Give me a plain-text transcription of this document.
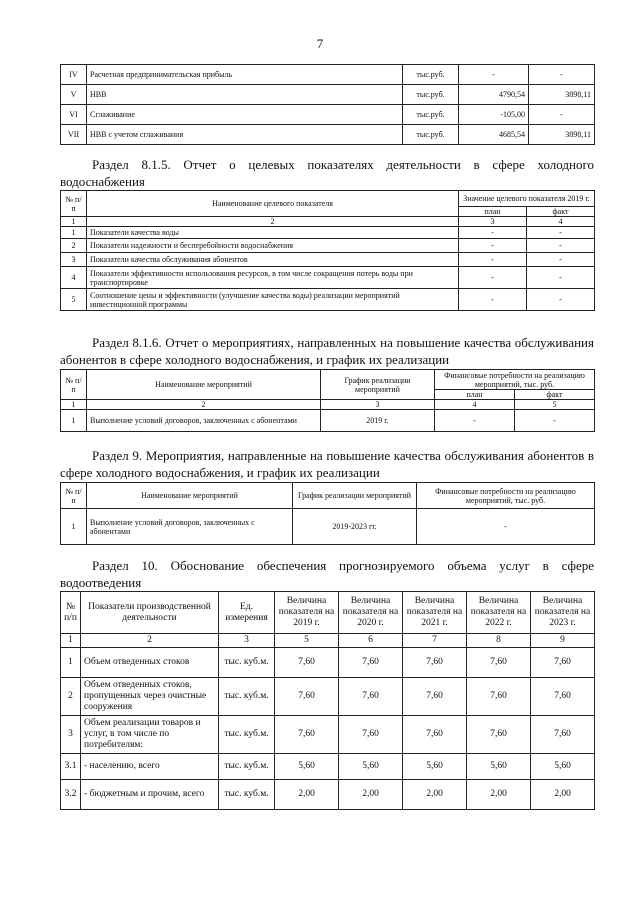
7
IV	Расчетная предпринимательская прибыль	тыс.руб.	-	-
V	НВВ	тыс.руб.	4790,54	3898,11
VI	Сглаживание	тыс.руб.	-105,00	-
VII	НВВ с учетом сглаживания	тыс.руб.	4685,54	3898,11
Раздел 8.1.5. Отчет о целевых показателях деятельности в сфере холодного водоснабжения
№ п/п	Наименование целевого показателя	Значение целевого показателя 2019 г.	
		план	факт
1	2	3	4
1	Показатели качества воды	-	-
2	Показатели надежности и бесперебойности водоснабжения	-	-
3	Показатели качества обслуживания абонентов	-	-
4	Показатели эффективности использования ресурсов, в том числе сокращения потерь воды при транспортировке	-	-
5	Соотношение цены и эффективности (улучшение качества воды) реализации мероприятий инвестиционной программы	-	-
Раздел 8.1.6. Отчет о мероприятиях, направленных на повышение качества обслуживания абонентов в сфере холодного водоснабжения, и график их реализации
№ п/п	Наименование мероприятий	График реализации мероприятий	Финансовые потребности на реализацию мероприятий, тыс. руб.	
			план	факт
1	2	3	4	5
1	Выполнение условий договоров, заключенных с абонентами	2019 г.	-	-
Раздел 9. Мероприятия, направленные на повышение качества обслуживания абонентов в сфере холодного водоснабжения, и график их реализации
№ п/п	Наименование мероприятий	График реализации мероприятий	Финансовые потребности на реализацию мероприятий, тыс. руб.
1	Выполнение условий договоров, заключенных с абонентами	2019-2023 гг.	-
Раздел 10. Обоснование обеспечения прогнозируемого объема услуг в сфере водоотведения
№ п/п	Показатели производственной деятельности	Ед. измерения	Величина показателя на 2019 г.	Величина показателя на 2020 г.	Величина показателя на 2021 г.	Величина показателя на 2022 г.	Величина показателя на 2023 г.
1	2	3	5	6	7	8	9
1	Объем отведенных стоков	тыс. куб.м.	7,60	7,60	7,60	7,60	7,60
2	Объем отведенных стоков, пропущенных через очистные сооружения	тыс. куб.м.	7,60	7,60	7,60	7,60	7,60
3	Объем реализации товаров и услуг, в том числе по потребителям:	тыс. куб.м.	7,60	7,60	7,60	7,60	7,60
3.1	- населению, всего	тыс. куб.м.	5,60	5,60	5,60	5,60	5,60
3.2	- бюджетным и прочим, всего	тыс. куб.м.	2,00	2,00	2,00	2,00	2,00
